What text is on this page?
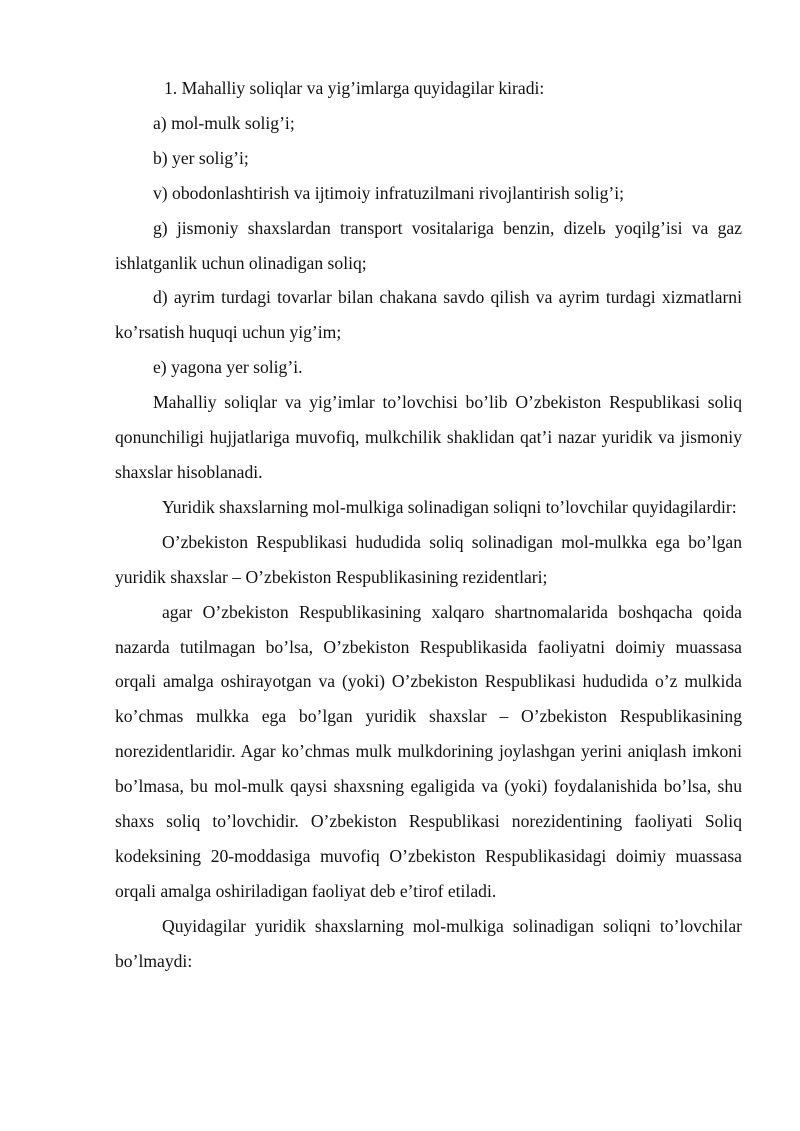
1. Mahalliy soliqlar va yig’imlarga quyidagilar kiradi:

a) mol-mulk solig’i;

b) yer solig’i;

v) obodonlashtirish va ijtimoiy infratuzilmani rivojlantirish solig’i;

g) jismoniy shaxslardan transport vositalariga benzin, dizelь yoqilg’isi va gaz ishlatganlik uchun olinadigan soliq;

d) ayrim turdagi tovarlar bilan chakana savdo qilish va ayrim turdagi xizmatlarni ko’rsatish huquqi uchun yig’im;

e) yagona yer solig’i.

Mahalliy soliqlar va yig’imlar to’lovchisi bo’lib O’zbekiston Respublikasi soliq qonunchiligi hujjatlariga muvofiq, mulkchilik shaklidan qat’i nazar yuridik va jismoniy shaxslar hisoblanadi.

Yuridik shaxslarning mol-mulkiga solinadigan soliqni to’lovchilar quyidagilardir:

O’zbekiston Respublikasi hududida soliq solinadigan mol-mulkka ega bo’lgan yuridik shaxslar – O’zbekiston Respublikasining rezidentlari;

agar O’zbekiston Respublikasining xalqaro shartnomalarida boshqacha qoida nazarda tutilmagan bo’lsa, O’zbekiston Respublikasida faoliyatni doimiy muassasa orqali amalga oshirayotgan va (yoki) O’zbekiston Respublikasi hududida o’z mulkida ko’chmas mulkka ega bo’lgan yuridik shaxslar – O’zbekiston Respublikasining norezidentlaridir. Agar ko’chmas mulk mulkdorining joylashgan yerini aniqlash imkoni bo’lmasa, bu mol-mulk qaysi shaxsning egaligida va (yoki) foydalanishida bo’lsa, shu shaxs soliq to’lovchidir. O’zbekiston Respublikasi norezidentining faoliyati Soliq kodeksining 20-moddasiga muvofiq O’zbekiston Respublikasidagi doimiy muassasa orqali amalga oshiriladigan faoliyat deb e’tirof etiladi.

Quyidagilar yuridik shaxslarning mol-mulkiga solinadigan soliqni to’lovchilar bo’lmaydi:
